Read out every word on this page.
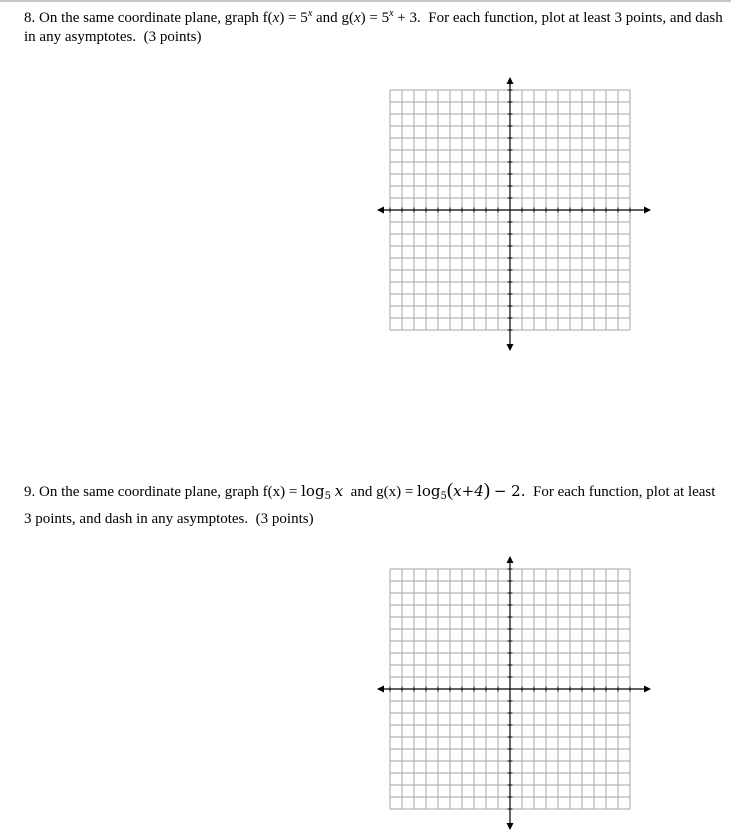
8. On the same coordinate plane, graph $f(x) = 5^x$ and $g(x) = 5^x + 3$. For each function, plot at least 3 points, and dash in any asymptotes. (3 points)
9. On the same coordinate plane, graph $f(x) = \log_5 x$ and $g(x) = \log_5(x+4) - 2$. For each function, plot at least 3 points, and dash in any asymptotes. (3 points)
